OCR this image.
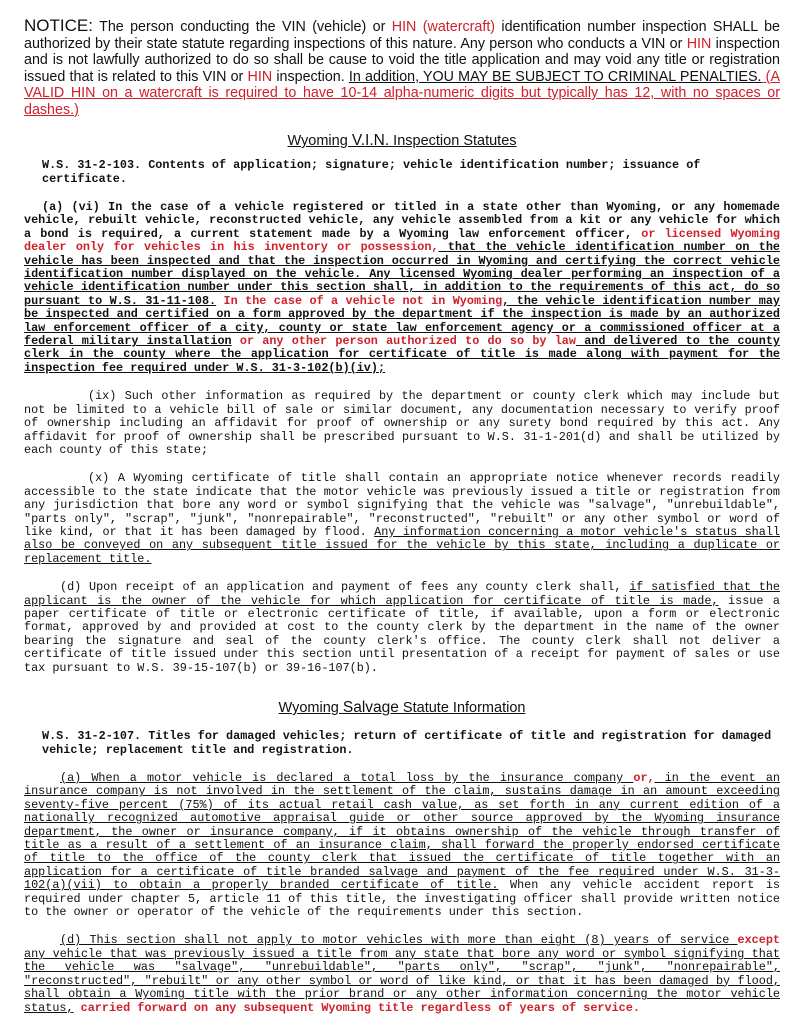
NOTICE: The person conducting the VIN (vehicle) or HIN (watercraft) identification number inspection SHALL be authorized by their state statute regarding inspections of this nature. Any person who conducts a VIN or HIN inspection and is not lawfully authorized to do so shall be cause to void the title application and may void any title or registration issued that is related to this VIN or HIN inspection. In addition, YOU MAY BE SUBJECT TO CRIMINAL PENALTIES. (A VALID HIN on a watercraft is required to have 10-14 alpha-numeric digits but typically has 12, with no spaces or dashes.)

Wyoming V.I.N. Inspection Statutes

W.S. 31-2-103. Contents of application; signature; vehicle identification number; issuance of certificate.

(a) (vi) In the case of a vehicle registered or titled in a state other than Wyoming, or any homemade vehicle, rebuilt vehicle, reconstructed vehicle, any vehicle assembled from a kit or any vehicle for which a bond is required, a current statement made by a Wyoming law enforcement officer, or licensed Wyoming dealer only for vehicles in his inventory or possession, that the vehicle identification number on the vehicle has been inspected and that the inspection occurred in Wyoming and certifying the correct vehicle identification number displayed on the vehicle. Any licensed Wyoming dealer performing an inspection of a vehicle identification number under this section shall, in addition to the requirements of this act, do so pursuant to W.S. 31-11-108. In the case of a vehicle not in Wyoming, the vehicle identification number may be inspected and certified on a form approved by the department if the inspection is made by an authorized law enforcement officer of a city, county or state law enforcement agency or a commissioned officer at a federal military installation or any other person authorized to do so by law and delivered to the county clerk in the county where the application for certificate of title is made along with payment for the inspection fee required under W.S. 31-3-102(b)(iv);

(ix) Such other information as required by the department or county clerk which may include but not be limited to a vehicle bill of sale or similar document, any documentation necessary to verify proof of ownership including an affidavit for proof of ownership or any surety bond required by this act. Any affidavit for proof of ownership shall be prescribed pursuant to W.S. 31-1-201(d) and shall be utilized by each county of this state;

(x) A Wyoming certificate of title shall contain an appropriate notice whenever records readily accessible to the state indicate that the motor vehicle was previously issued a title or registration from any jurisdiction that bore any word or symbol signifying that the vehicle was "salvage", "unrebuildable", "parts only", "scrap", "junk", "nonrepairable", "reconstructed", "rebuilt" or any other symbol or word of like kind, or that it has been damaged by flood. Any information concerning a motor vehicle's status shall also be conveyed on any subsequent title issued for the vehicle by this state, including a duplicate or replacement title.

(d) Upon receipt of an application and payment of fees any county clerk shall, if satisfied that the applicant is the owner of the vehicle for which application for certificate of title is made, issue a paper certificate of title or electronic certificate of title, if available, upon a form or electronic format, approved by and provided at cost to the county clerk by the department in the name of the owner bearing the signature and seal of the county clerk's office. The county clerk shall not deliver a certificate of title issued under this section until presentation of a receipt for payment of sales or use tax pursuant to W.S. 39-15-107(b) or 39-16-107(b).

Wyoming Salvage Statute Information

W.S. 31-2-107. Titles for damaged vehicles; return of certificate of title and registration for damaged vehicle; replacement title and registration.

(a) When a motor vehicle is declared a total loss by the insurance company or, in the event an insurance company is not involved in the settlement of the claim, sustains damage in an amount exceeding seventy-five percent (75%) of its actual retail cash value, as set forth in any current edition of a nationally recognized automotive appraisal guide or other source approved by the Wyoming insurance department, the owner or insurance company, if it obtains ownership of the vehicle through transfer of title as a result of a settlement of an insurance claim, shall forward the properly endorsed certificate of title to the office of the county clerk that issued the certificate of title together with an application for a certificate of title branded salvage and payment of the fee required under W.S. 31-3-102(a)(vii) to obtain a properly branded certificate of title. When any vehicle accident report is required under chapter 5, article 11 of this title, the investigating officer shall provide written notice to the owner or operator of the vehicle of the requirements under this section.

(d) This section shall not apply to motor vehicles with more than eight (8) years of service except any vehicle that was previously issued a title from any state that bore any word or symbol signifying that the vehicle was "salvage", "unrebuildable", "parts only", "scrap", "junk", "nonrepairable", "reconstructed", "rebuilt" or any other symbol or word of like kind, or that it has been damaged by flood, shall obtain a Wyoming title with the prior brand or any other information concerning the motor vehicle status, carried forward on any subsequent Wyoming title regardless of years of service.
